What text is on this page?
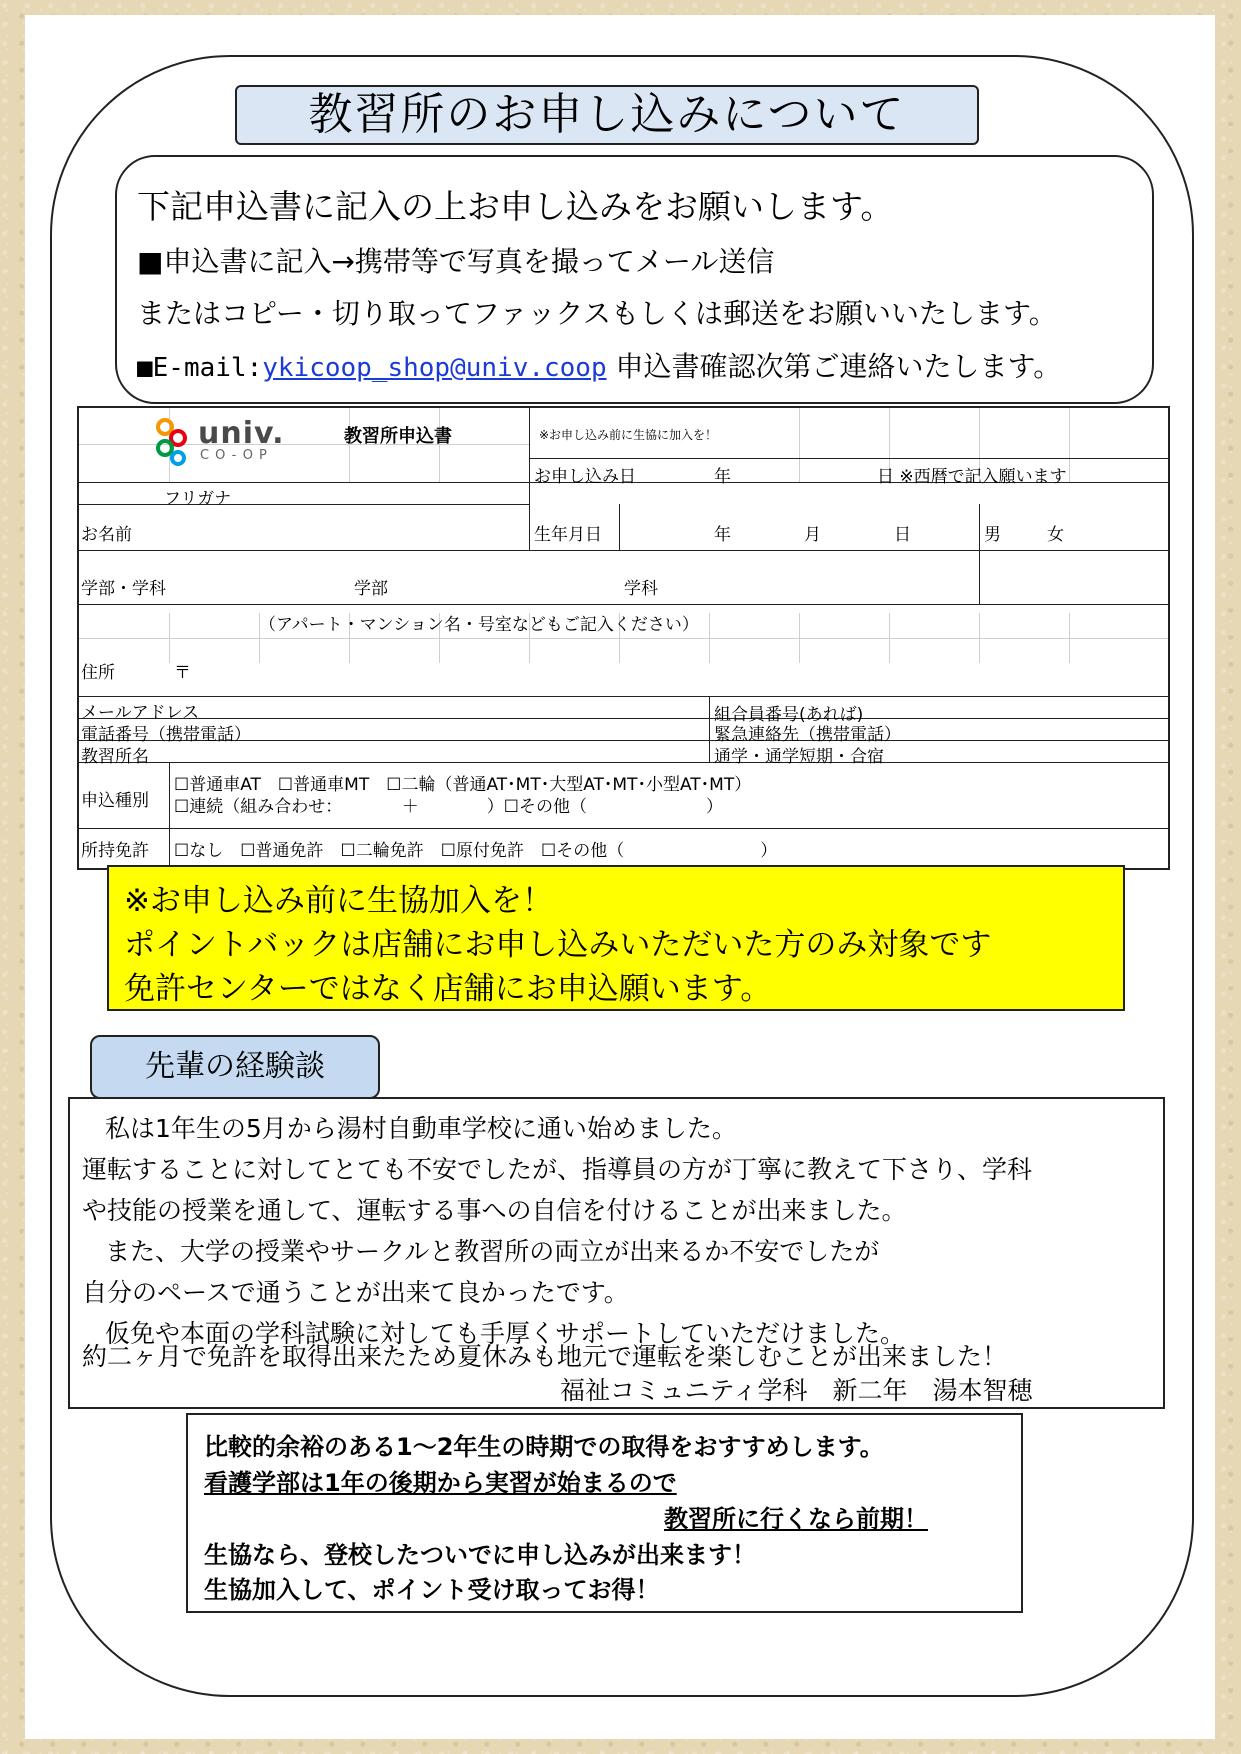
教習所のお申し込みについて
下記申込書に記入の上お申し込みをお願いします。
■申込書に記入→携帯等で写真を撮ってメール送信
またはコピー・切り取ってファックスもしくは郵送をお願いいたします。
■E-mail:ykicoop_shop@univ.coop 申込書確認次第ご連絡いたします。
univ.
CO-OP
教習所申込書	※お申し込み前に生協に加入を！
お申し込み日	年	日 ※西暦で記入願います
フリガナ
お名前	生年月日	年	月	日	男	女
学部・学科	学部	学科
（アパート・マンション名・号室などもご記入ください）
住所	〒
メールアドレス	組合員番号(あれば)
電話番号（携帯電話）	緊急連絡先（携帯電話）
教習所名	通学・通学短期・合宿
申込種別
☐普通車AT　☐普通車MT　☐二輪（普通AT･MT･大型AT･MT･小型AT･MT）
☐連続（組み合わせ：　　　　＋　　　　）☐その他（　　　　　　　）
所持免許 ☐なし　☐普通免許　☐二輪免許　☐原付免許　☐その他（　　　　　　　　）
※お申し込み前に生協加入を！
ポイントバックは店舗にお申し込みいただいた方のみ対象です
免許センターではなく店舗にお申込願います。
先輩の経験談
私は1年生の5月から湯村自動車学校に通い始めました。
運転することに対してとても不安でしたが、指導員の方が丁寧に教えて下さり、学科
や技能の授業を通して、運転する事への自信を付けることが出来ました。
また、大学の授業やサークルと教習所の両立が出来るか不安でしたが
自分のペースで通うことが出来て良かったです。
仮免や本面の学科試験に対しても手厚くサポートしていただけました。
約二ヶ月で免許を取得出来たため夏休みも地元で運転を楽しむことが出来ました！
福祉コミュニティ学科　新二年　湯本智穂
比較的余裕のある1～2年生の時期での取得をおすすめします。
看護学部は1年の後期から実習が始まるので
教習所に行くなら前期！
生協なら、登校したついでに申し込みが出来ます！
生協加入して、ポイント受け取ってお得！
